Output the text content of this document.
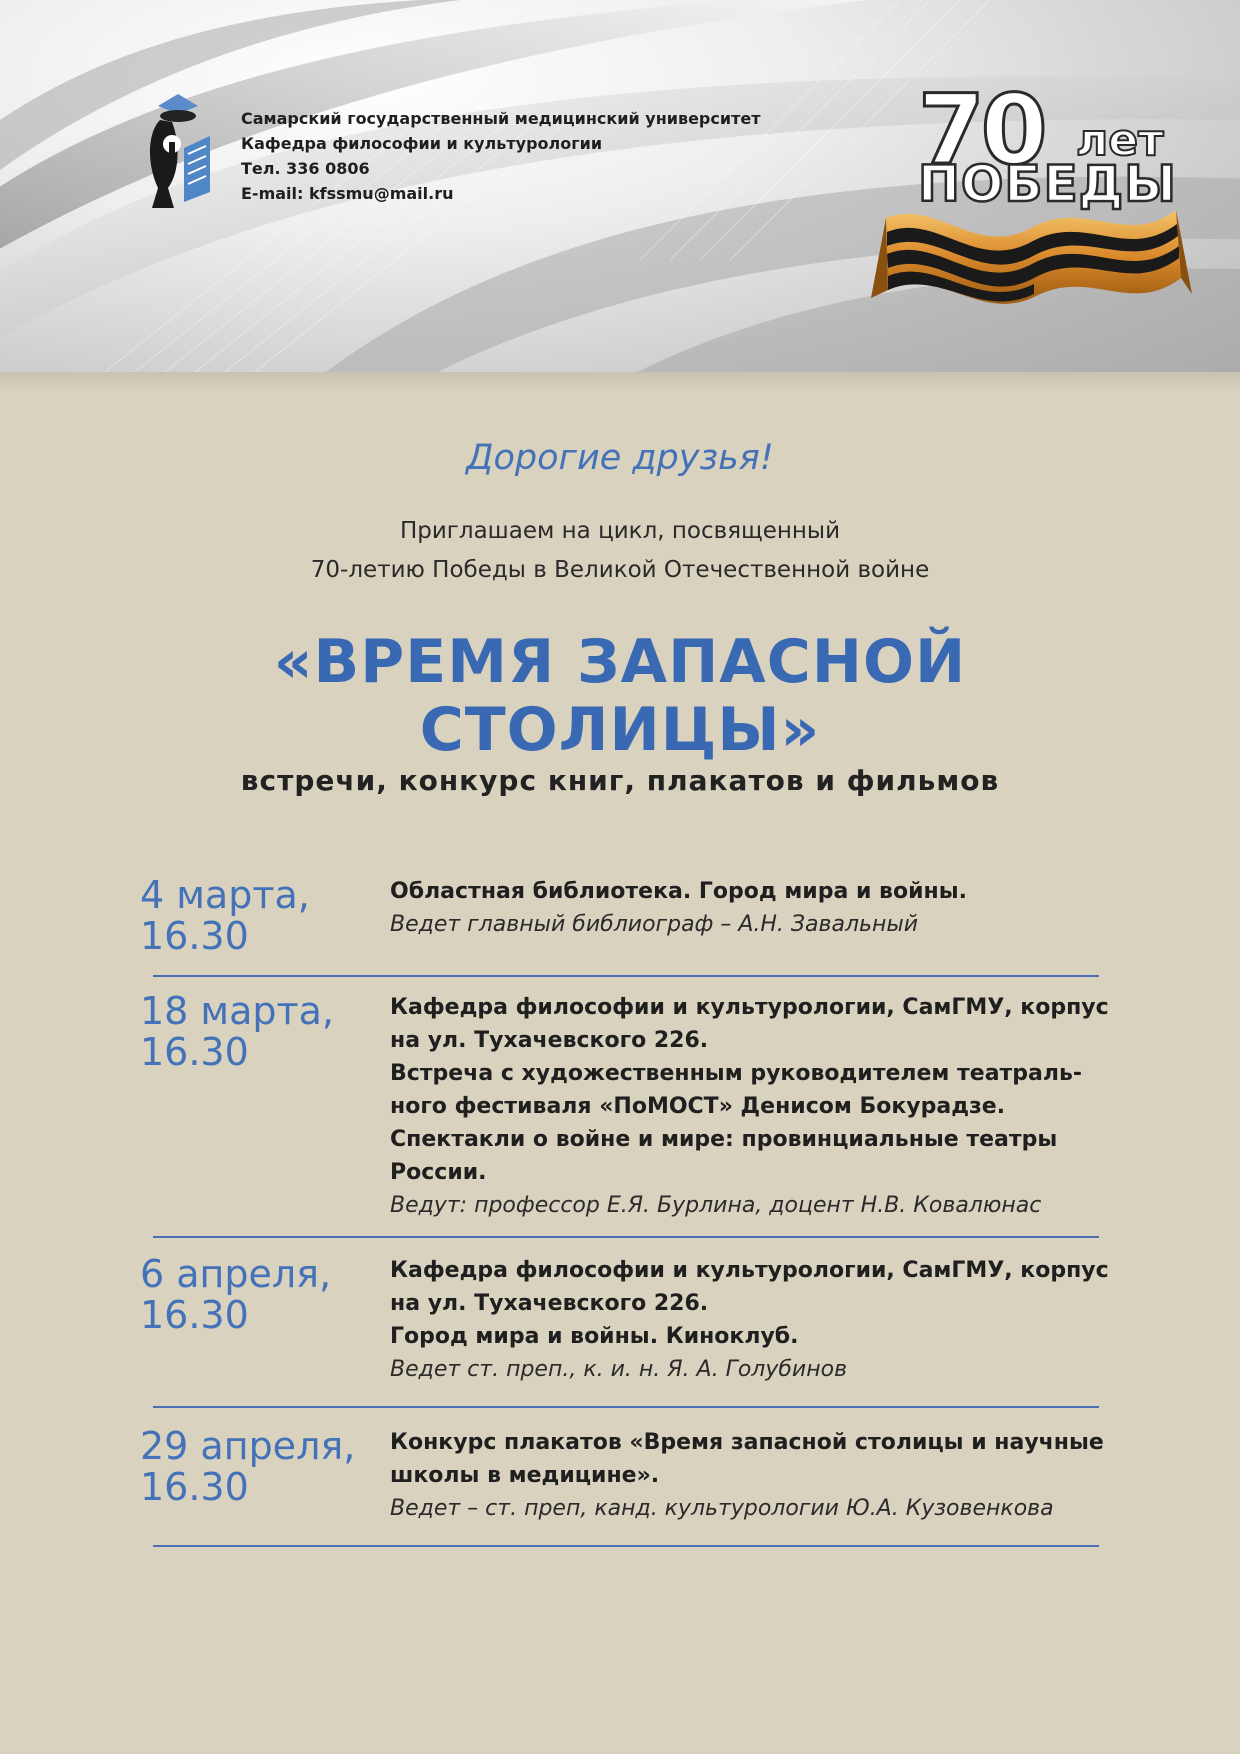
Самарский государственный медицинский университет
Кафедра философии и культурологии
Тел. 336 0806
E-mail: kfssmu@mail.ru
70 лет
ПОБЕДЫ
Дорогие друзья!
Приглашаем на цикл, посвященный
70-летию Победы в Великой Отечественной войне
«ВРЕМЯ ЗАПАСНОЙ
СТОЛИЦЫ»
встречи, конкурс книг, плакатов и фильмов
4 марта,
16.30
Областная библиотека. Город мира и войны.
Ведет главный библиограф – А.Н. Завальный
18 марта,
16.30
Кафедра философии и культурологии, СамГМУ, корпус
на ул. Тухачевского 226.
Встреча с художественным руководителем театраль-
ного фестиваля «ПоМОСТ» Денисом Бокурадзе.
Спектакли о войне и мире: провинциальные театры
России.
Ведут: профессор Е.Я. Бурлина, доцент Н.В. Ковалюнас
6 апреля,
16.30
Кафедра философии и культурологии, СамГМУ, корпус
на ул. Тухачевского 226.
Город мира и войны. Киноклуб.
Ведет ст. преп., к. и. н. Я. А. Голубинов
29 апреля,
16.30
Конкурс плакатов «Время запасной столицы и научные
школы в медицине».
Ведет – ст. преп, канд. культурологии Ю.А. Кузовенкова
